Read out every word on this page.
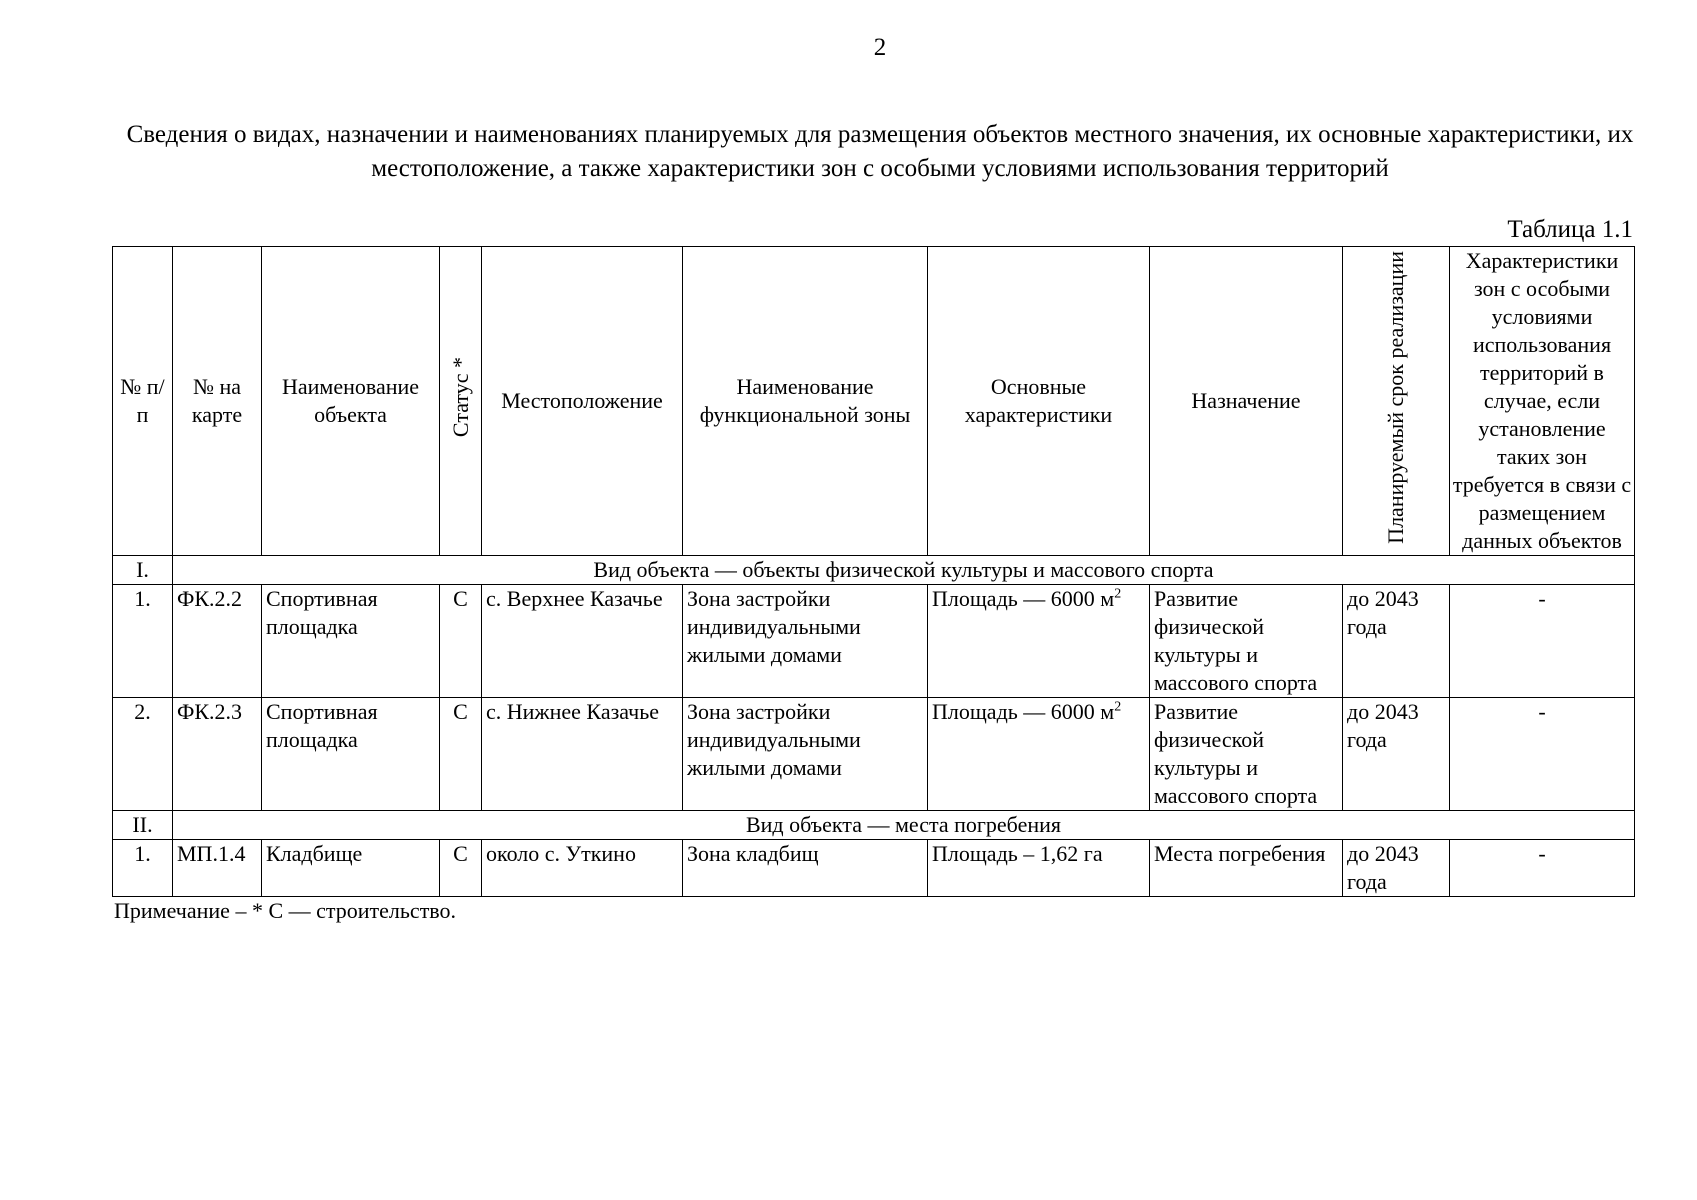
2
Сведения о видах, назначении и наименованиях планируемых для размещения объектов местного значения, их основные характеристики, их местоположение, а также характеристики зон с особыми условиями использования территорий
Таблица 1.1
№ п/п	№ на карте	Наименование объекта	Статус *	Местоположение	Наименование функциональной зоны	Основные характеристики	Назначение	Планируемый срок реализации	Характеристики зон с особыми условиями использования территорий в случае, если установление таких зон требуется в связи с размещением данных объектов
I.	Вид объекта — объекты физической культуры и массового спорта								
1.	ФК.2.2	Спортивная площадка	С	с. Верхнее Казачье	Зона застройки индивидуальными жилыми домами	Площадь — 6000 $м^2$	Развитие физической культуры и массового спорта	до 2043 года	-
2.	ФК.2.3	Спортивная площадка	С	с. Нижнее Казачье	Зона застройки индивидуальными жилыми домами	Площадь — 6000 $м^2$	Развитие физической культуры и массового спорта	до 2043 года	-
II.	Вид объекта — места погребения								
1.	МП.1.4	Кладбище	С	около с. Уткино	Зона кладбищ	Площадь – 1,62 га	Места погребения	до 2043 года	-
Примечание – * С — строительство.
